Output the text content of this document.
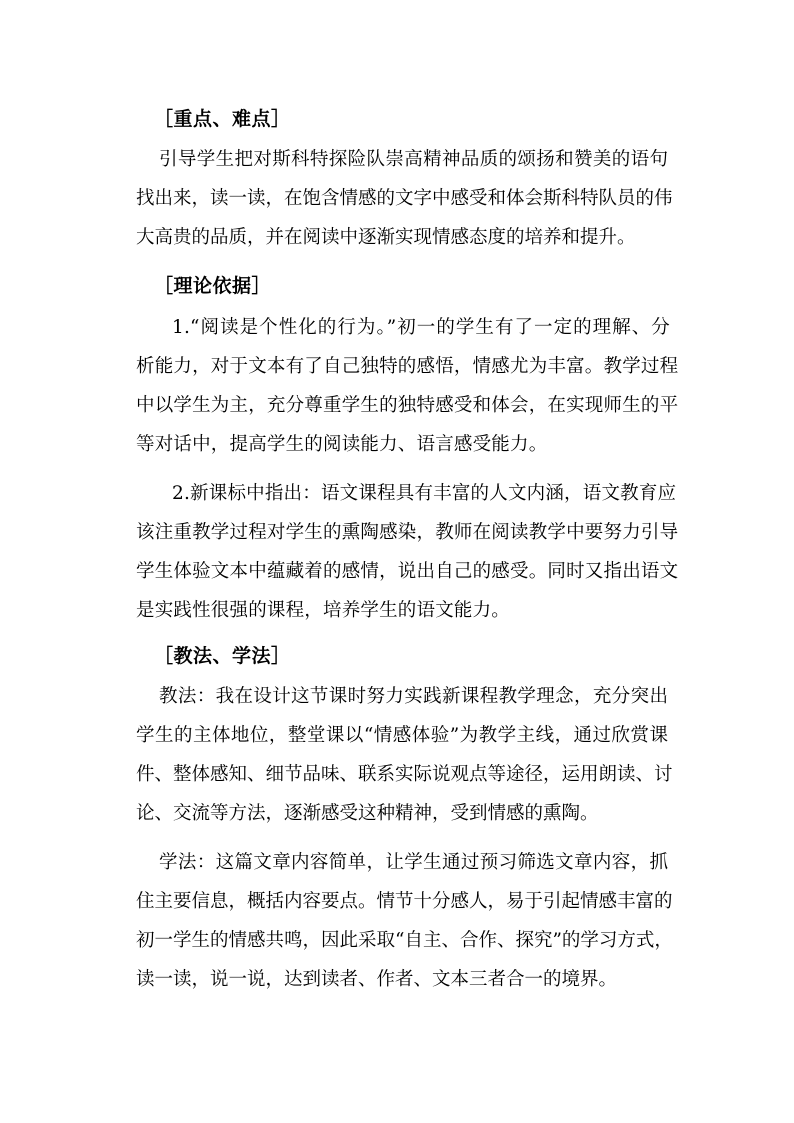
［重点、难点］
引导学生把对斯科特探险队崇高精神品质的颂扬和赞美的语句
找出来，读一读，在饱含情感的文字中感受和体会斯科特队员的伟
大高贵的品质，并在阅读中逐渐实现情感态度的培养和提升。
［理论依据］
1.“阅读是个性化的行为。”初一的学生有了一定的理解、分
析能力，对于文本有了自己独特的感悟，情感尤为丰富。教学过程
中以学生为主，充分尊重学生的独特感受和体会，在实现师生的平
等对话中，提高学生的阅读能力、语言感受能力。
2.新课标中指出：语文课程具有丰富的人文内涵，语文教育应
该注重教学过程对学生的熏陶感染，教师在阅读教学中要努力引导
学生体验文本中蕴藏着的感情，说出自己的感受。同时又指出语文
是实践性很强的课程，培养学生的语文能力。
［教法、学法］
教法：我在设计这节课时努力实践新课程教学理念，充分突出
学生的主体地位，整堂课以“情感体验”为教学主线，通过欣赏课
件、整体感知、细节品味、联系实际说观点等途径，运用朗读、讨
论、交流等方法，逐渐感受这种精神，受到情感的熏陶。
学法：这篇文章内容简单，让学生通过预习筛选文章内容，抓
住主要信息，概括内容要点。情节十分感人，易于引起情感丰富的
初一学生的情感共鸣，因此采取“自主、合作、探究”的学习方式，
读一读，说一说，达到读者、作者、文本三者合一的境界。
